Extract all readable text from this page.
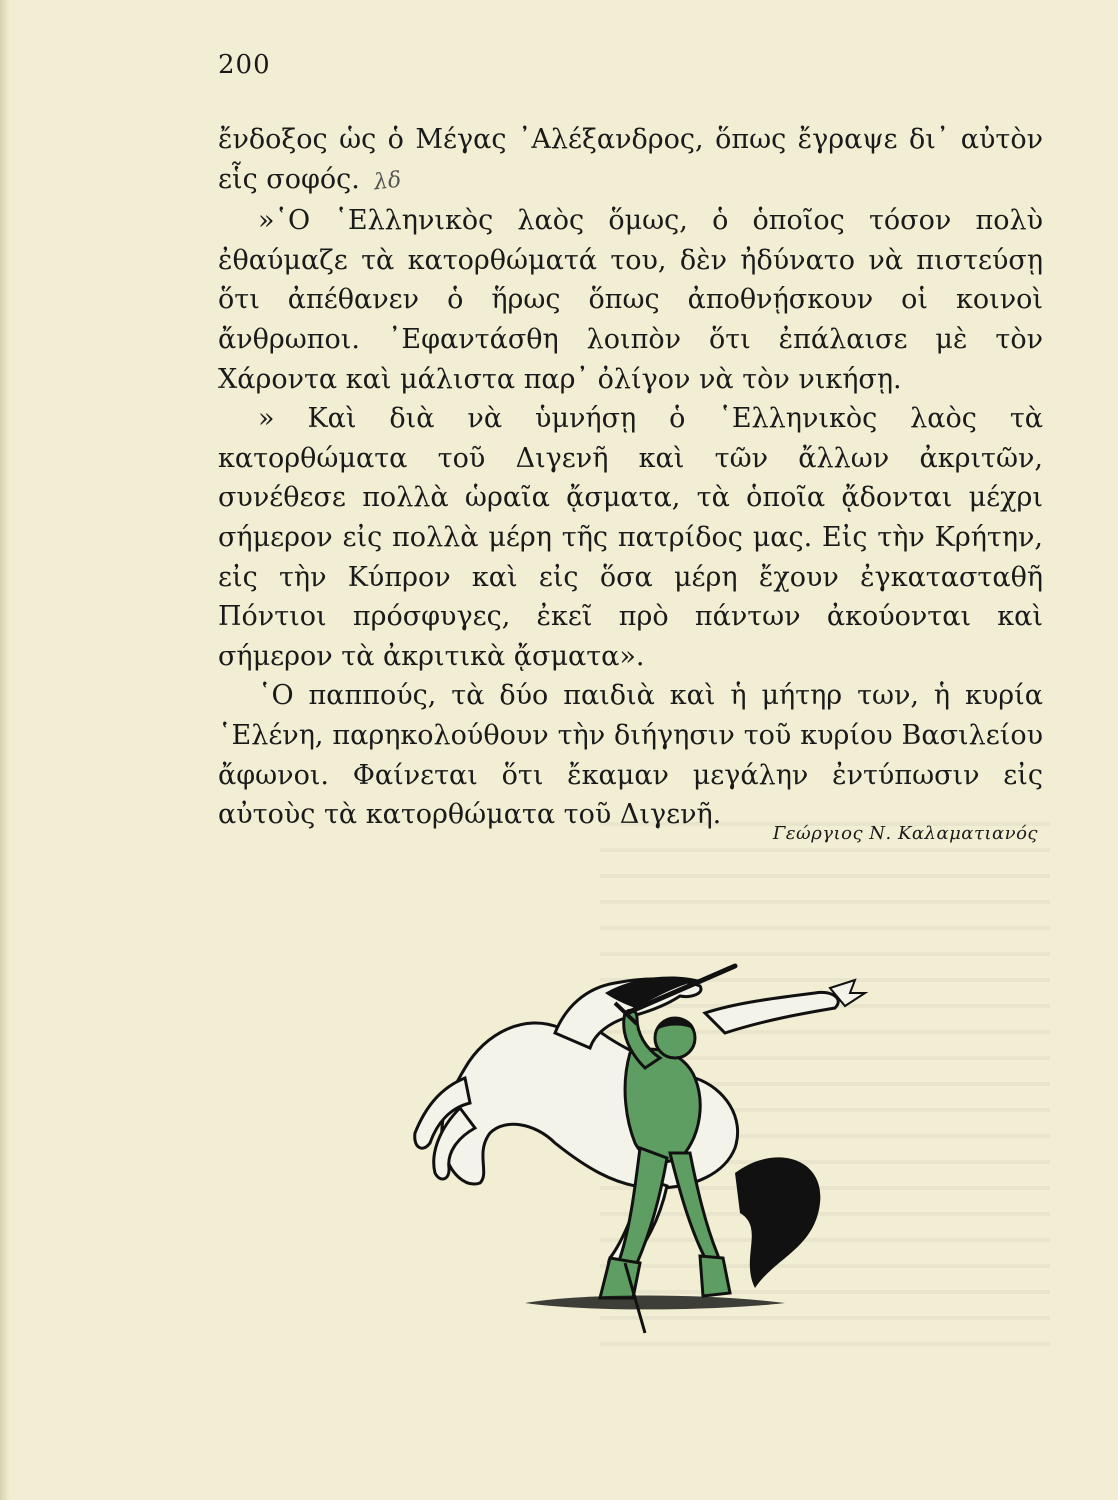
200

ἔνδοξος ὡς ὁ Μέγας ᾿Αλέξανδρος, ὅπως ἔγραψε δι᾿ αὐτὸν εἷς σοφός. λδ

»῾Ο ῾Ελληνικὸς λαὸς ὅμως, ὁ ὁποῖος τόσον πολὺ ἐθαύμαζε τὰ κατορθώματά του, δὲν ἠδύνατο νὰ πιστεύσῃ ὅτι ἀπέθανεν ὁ ἥρως ὅπως ἀποθνῄσκουν οἱ κοινοὶ ἄνθρωποι. ᾿Εφαντάσθη λοιπὸν ὅτι ἐπάλαισε μὲ τὸν Χάροντα καὶ μάλιστα παρ᾿ ὀλίγον νὰ τὸν νικήσῃ.

» Καὶ διὰ νὰ ὑμνήσῃ ὁ ῾Ελληνικὸς λαὸς τὰ κατορθώματα τοῦ Διγενῆ καὶ τῶν ἄλλων ἀκριτῶν, συνέθεσε πολλὰ ὡραῖα ᾄσματα, τὰ ὁποῖα ᾄδονται μέχρι σήμερον εἰς πολλὰ μέρη τῆς πατρίδος μας. Εἰς τὴν Κρήτην, εἰς τὴν Κύπρον καὶ εἰς ὅσα μέρη ἔχουν ἐγκατασταθῆ Πόντιοι πρόσφυγες, ἐκεῖ πρὸ πάντων ἀκούονται καὶ σήμερον τὰ ἀκριτικὰ ᾄσματα».

῾Ο παππούς, τὰ δύο παιδιὰ καὶ ἡ μήτηρ των, ἡ κυρία ῾Ελένη, παρηκολούθουν τὴν διήγησιν τοῦ κυρίου Βασιλείου ἄφωνοι. Φαίνεται ὅτι ἔκαμαν μεγάλην ἐντύπωσιν εἰς αὐτοὺς τὰ κατορθώματα τοῦ Διγενῆ.

Γεώργιος Ν. Καλαματιανός
